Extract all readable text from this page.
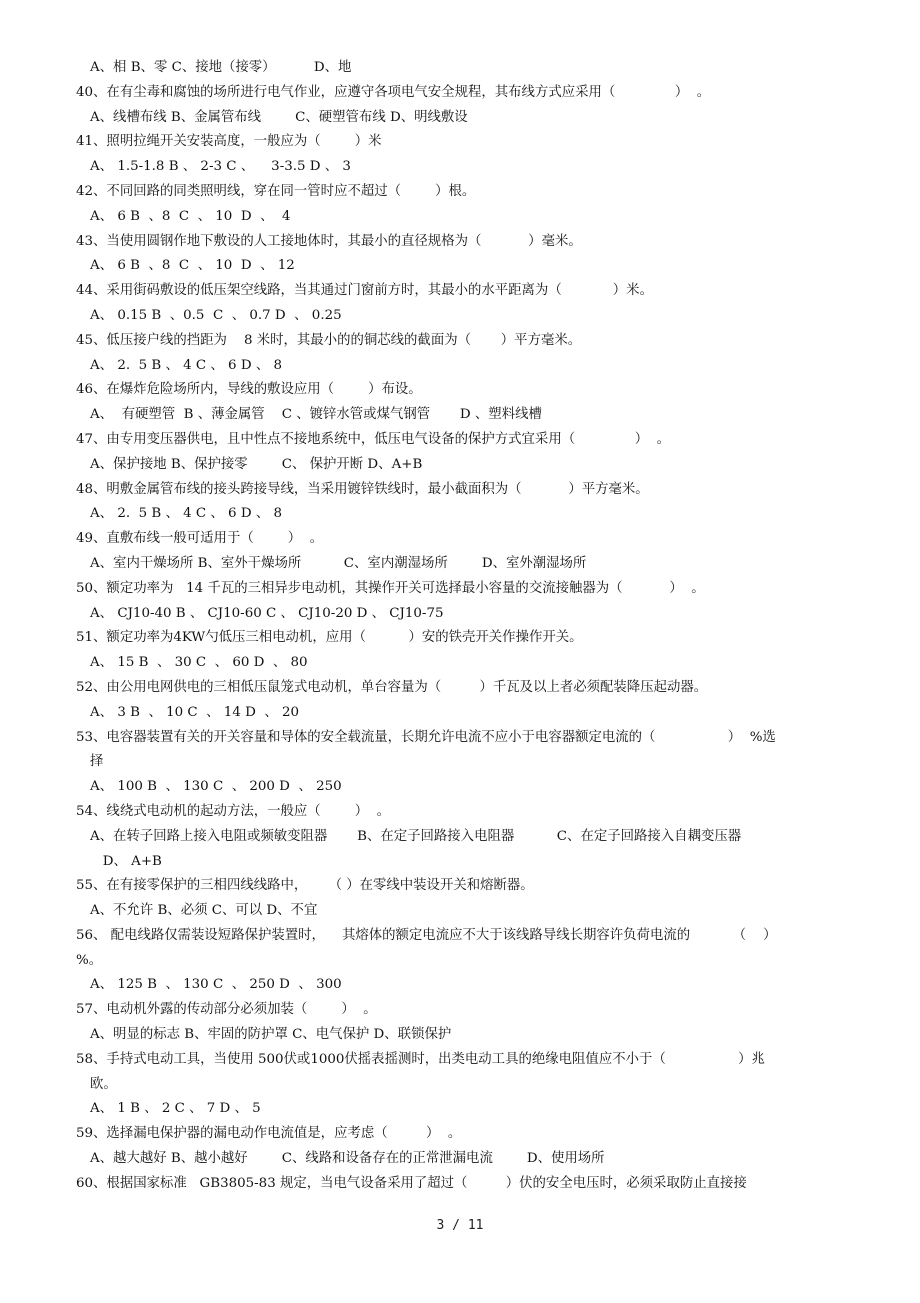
A、相 B、零 C、接地（接零）         D、地
40、在有尘毒和腐蚀的场所进行电气作业，应遵守各项电气安全规程，其布线方式应采用（              ）  。
A、线槽布线 B、金属管布线        C、硬塑管布线 D、明线敷设
41、照明拉绳开关安装高度，一般应为（        ）米
A、 1.5-1.8 B 、 2-3 C 、    3-3.5 D 、 3
42、不同回路的同类照明线，穿在同一管时应不超过（        ）根。
A、 6 B  、8  C  、 10  D  、  4
43、当使用圆钢作地下敷设的人工接地体时，其最小的直径规格为（           ）毫米。
A、 6 B  、8  C  、 10  D  、 12
44、采用街码敷设的低压架空线路，当其通过门窗前方时，其最小的水平距离为（            ）米。
A、 0.15 B  、0.5  C  、 0.7 D  、 0.25
45、低压接户线的挡距为    8 米时，其最小的的铜芯线的截面为（       ）平方毫米。
A、 2.  5 B 、 4 C 、 6 D 、 8
46、在爆炸危险场所内，导线的敷设应用（        ）布设。
A、  有硬塑管  B 、薄金属管    C 、镀锌水管或煤气钢管       D 、塑料线槽
47、由专用变压器供电，且中性点不接地系统中，低压电气设备的保护方式宜采用（              ）  。
A、保护接地 B、保护接零        C、 保护开断 D、A+B
48、明敷金属管布线的接头跨接导线，当采用镀锌铁线时，最小截面积为（           ）平方毫米。
A、 2.  5 B 、 4 C 、 6 D 、 8
49、直敷布线一般可适用于（        ）  。
A、室内干燥场所 B、室外干燥场所          C、室内潮湿场所        D、室外潮湿场所
50、额定功率为   14 千瓦的三相异步电动机，其操作开关可选择最小容量的交流接触器为（           ）  。
A、 CJ10-40 B 、 CJ10-60 C 、 CJ10-20 D 、 CJ10-75
51、额定功率为4KW勺低压三相电动机，应用（          ）安的铁壳开关作操作开关。
A、 15 B  、 30 C  、 60 D  、 80
52、由公用电网供电的三相低压鼠笼式电动机，单台容量为（         ）千瓦及以上者必须配装降压起动器。
A、 3 B  、 10 C  、 14 D  、 20
53、电容器装置有关的开关容量和导体的安全载流量，长期允许电流不应小于电容器额定电流的（                 ）  %选
择
A、 100 B  、 130 C  、 200 D  、 250
54、线绕式电动机的起动方法，一般应（        ）  。
A、在转子回路上接入电阻或频敏变阻器       B、在定子回路接入电阻器          C、在定子回路接入自耦变压器
D、 A+B
55、在有接零保护的三相四线线路中，     （ ）在零线中装设开关和熔断器。
A、不允许 B、必须 C、可以 D、不宜
56、 配电线路仅需装设短路保护装置时，    其熔体的额定电流应不大于该线路导线长期容许负荷电流的          （    ）
%。
A、 125 B  、 130 C  、 250 D  、 300
57、电动机外露的传动部分必须加装（        ）  。
A、明显的标志 B、牢固的防护罩 C、电气保护 D、联锁保护
58、手持式电动工具，当使用 500伏或1000伏摇表摇测时，出类电动工具的绝缘电阻值应不小于（                 ）兆
欧。
A、 1 B 、 2 C 、 7 D 、 5
59、选择漏电保护器的漏电动作电流值是，应考虑（         ）  。
A、越大越好 B、越小越好        C、线路和设备存在的正常泄漏电流        D、使用场所
60、根据国家标准   GB3805-83 规定，当电气设备采用了超过（         ）伏的安全电压时，必须采取防止直接接
3 / 11
